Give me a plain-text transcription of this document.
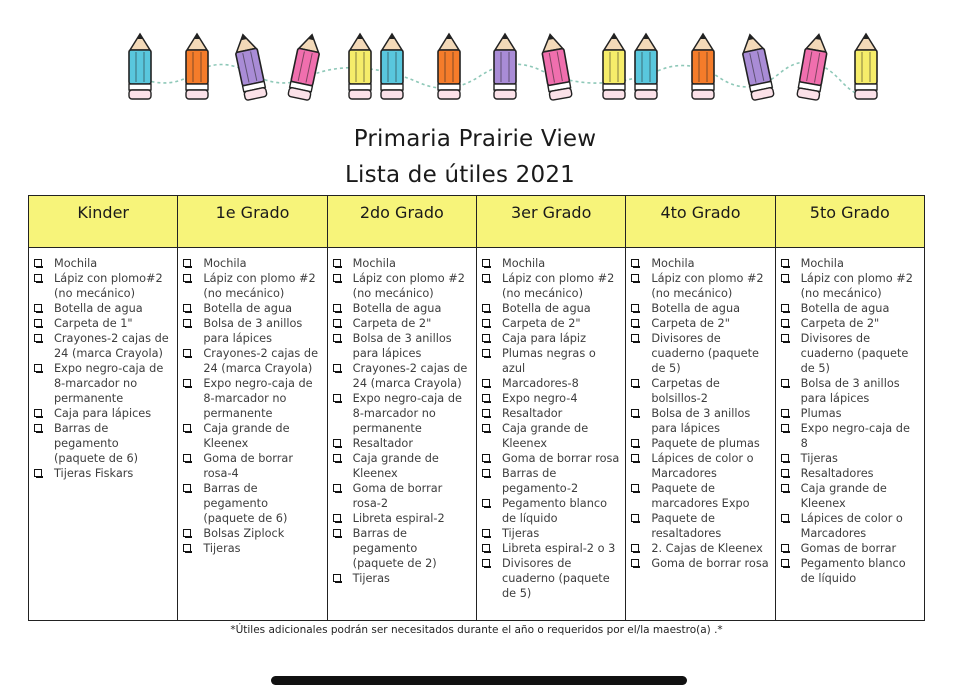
Primaria Prairie View
Lista de útiles 2021
Kinder
Mochila
Lápiz con plomo#2 (no mecánico)
Botella de agua
Carpeta de 1"
Crayones-2 cajas de 24 (marca Crayola)
Expo negro-caja de 8-marcador no permanente
Caja para lápices
Barras de pegamento (paquete de 6)
Tijeras Fiskars
1e Grado
Mochila
Lápiz con plomo #2 (no mecánico)
Botella de agua
Bolsa de 3 anillos para lápices
Crayones-2 cajas de 24 (marca Crayola)
Expo negro-caja de 8-marcador no permanente
Caja grande de Kleenex
Goma de borrar rosa-4
Barras de pegamento (paquete de 6)
Bolsas Ziplock
Tijeras
2do Grado
Mochila
Lápiz con plomo #2 (no mecánico)
Botella de agua
Carpeta de 2"
Bolsa de 3 anillos para lápices
Crayones-2 cajas de 24 (marca Crayola)
Expo negro-caja de 8-marcador no permanente
Resaltador
Caja grande de Kleenex
Goma de borrar rosa-2
Libreta espiral-2
Barras de pegamento (paquete de 2)
Tijeras
3er Grado
Mochila
Lápiz con plomo #2 (no mecánico)
Botella de agua
Carpeta de 2"
Caja para lápiz
Plumas negras o azul
Marcadores-8
Expo negro-4
Resaltador
Caja grande de Kleenex
Goma de borrar rosa
Barras de pegamento-2
Pegamento blanco de líquido
Tijeras
Libreta espiral-2 o 3
Divisores de cuaderno (paquete de 5)
4to Grado
Mochila
Lápiz con plomo #2 (no mecánico)
Botella de agua
Carpeta de 2"
Divisores de cuaderno (paquete de 5)
Carpetas de bolsillos-2
Bolsa de 3 anillos para lápices
Paquete de plumas
Lápices de color o Marcadores
Paquete de marcadores Expo
Paquete de resaltadores
2. Cajas de Kleenex
Goma de borrar rosa
5to Grado
Mochila
Lápiz con plomo #2 (no mecánico)
Botella de agua
Carpeta de 2"
Divisores de cuaderno (paquete de 5)
Bolsa de 3 anillos para lápices
Plumas
Expo negro-caja de 8
Tijeras
Resaltadores
Caja grande de Kleenex
Lápices de color o Marcadores
Gomas de borrar
Pegamento blanco de líquido
*Útiles adicionales podrán ser necesitados durante el año o requeridos por el/la maestro(a) .*
